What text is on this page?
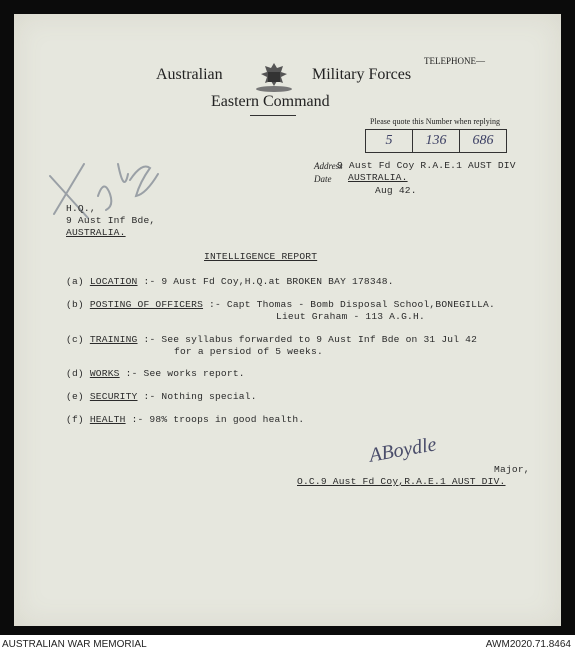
Australian	Military Forces
Eastern Command
TELEPHONE—
Please quote this Number when replying
5	136	686
Address
9 Aust Fd Coy R.A.E.1 AUST DIV
Date AUSTRALIA.
Aug 42.
H.Q.,
9 Aust Inf Bde,
AUSTRALIA.
INTELLIGENCE REPORT
(a) LOCATION :- 9 Aust Fd Coy,H.Q.at BROKEN BAY 178348.
(b) POSTING OF OFFICERS :- Capt Thomas - Bomb Disposal School,BONEGILLA.
Lieut Graham - 113 A.G.H.
(c) TRAINING :- See syllabus forwarded to 9 Aust Inf Bde on 31 Jul 42
for a persiod of 5 weeks.
(d) WORKS :- See works report.
(e) SECURITY :- Nothing special.
(f) HEALTH :- 98% troops in good health.
ABoydle
Major,
O.C.9 Aust Fd Coy,R.A.E.1 AUST DIV.
AUSTRALIAN WAR MEMORIAL	AWM2020.71.8464
